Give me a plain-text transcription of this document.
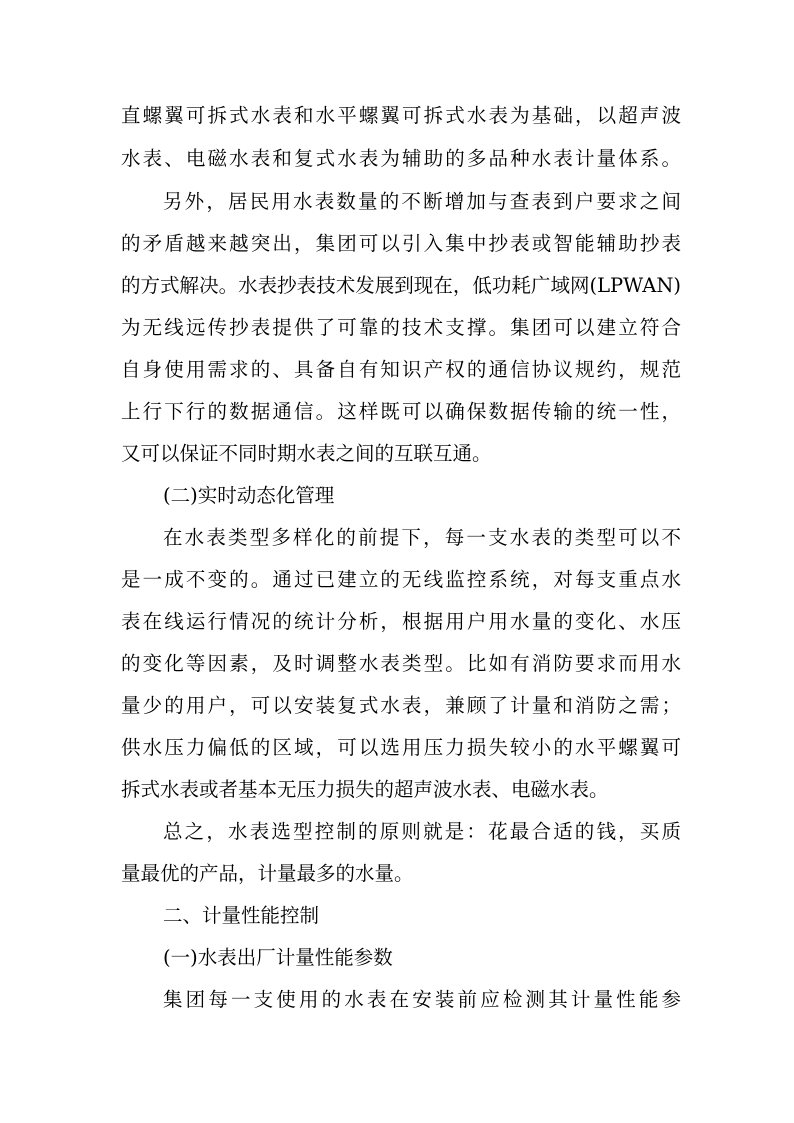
直螺翼可拆式水表和水平螺翼可拆式水表为基础，以超声波
水表、电磁水表和复式水表为辅助的多品种水表计量体系。
另外，居民用水表数量的不断增加与查表到户要求之间
的矛盾越来越突出，集团可以引入集中抄表或智能辅助抄表
的方式解决。水表抄表技术发展到现在，低功耗广域网(LPWAN)
为无线远传抄表提供了可靠的技术支撑。集团可以建立符合
自身使用需求的、具备自有知识产权的通信协议规约，规范
上行下行的数据通信。这样既可以确保数据传输的统一性，
又可以保证不同时期水表之间的互联互通。
(二)实时动态化管理
在水表类型多样化的前提下，每一支水表的类型可以不
是一成不变的。通过已建立的无线监控系统，对每支重点水
表在线运行情况的统计分析，根据用户用水量的变化、水压
的变化等因素，及时调整水表类型。比如有消防要求而用水
量少的用户，可以安装复式水表，兼顾了计量和消防之需；
供水压力偏低的区域，可以选用压力损失较小的水平螺翼可
拆式水表或者基本无压力损失的超声波水表、电磁水表。
总之，水表选型控制的原则就是：花最合适的钱，买质
量最优的产品，计量最多的水量。
二、计量性能控制
(一)水表出厂计量性能参数
集团每一支使用的水表在安装前应检测其计量性能参
